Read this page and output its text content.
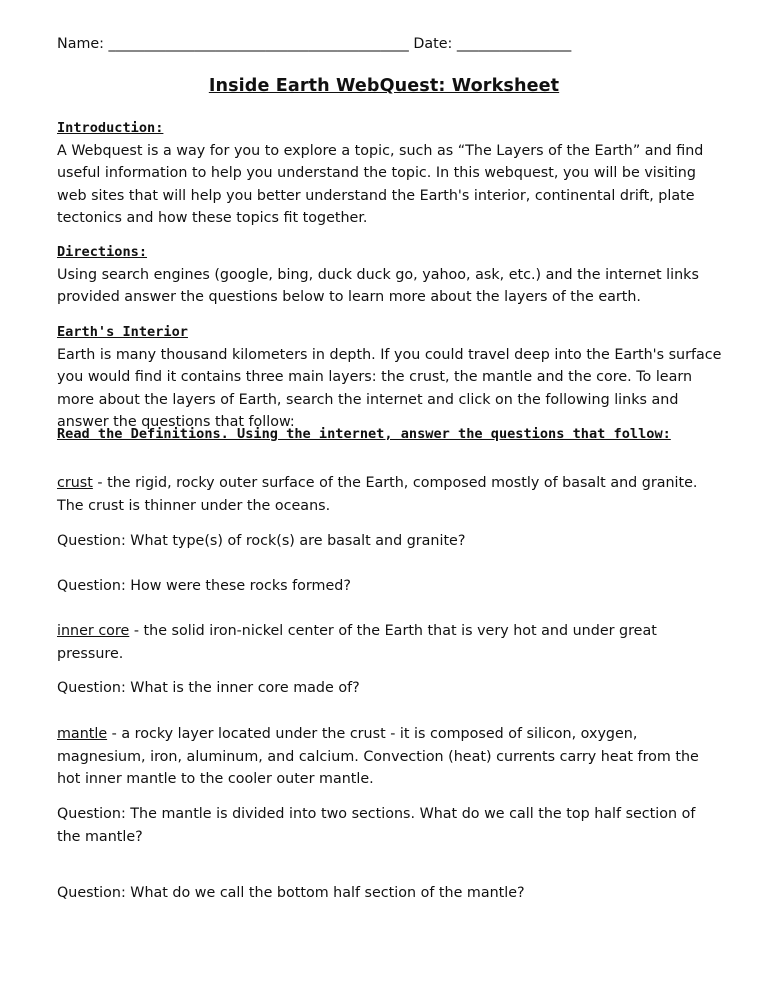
Name: __________________________________________ Date: ________________
Inside Earth WebQuest: Worksheet

Introduction:

A Webquest is a way for you to explore a topic, such as “The Layers of the Earth” and find useful information to help you understand the topic. In this webquest, you will be visiting web sites that will help you better understand the Earth's interior, continental drift, plate tectonics and how these topics fit together.

Directions:

Using search engines (google, bing, duck duck go, yahoo, ask, etc.) and the internet links provided answer the questions below to learn more about the layers of the earth.

Earth's Interior

Earth is many thousand kilometers in depth. If you could travel deep into the Earth's surface you would find it contains three main layers: the crust, the mantle and the core. To learn more about the layers of Earth, search the internet and click on the following links and answer the questions that follow:

Read the Definitions. Using the internet, answer the questions that follow:

crust - the rigid, rocky outer surface of the Earth, composed mostly of basalt and granite. The crust is thinner under the oceans.

Question: What type(s) of rock(s) are basalt and granite?
Question: How were these rocks formed?

inner core - the solid iron-nickel center of the Earth that is very hot and under great pressure.

Question: What is the inner core made of?

mantle - a rocky layer located under the crust - it is composed of silicon, oxygen, magnesium, iron, aluminum, and calcium. Convection (heat) currents carry heat from the hot inner mantle to the cooler outer mantle.

Question: The mantle is divided into two sections. What do we call the top half section of the mantle?
Question: What do we call the bottom half section of the mantle?
